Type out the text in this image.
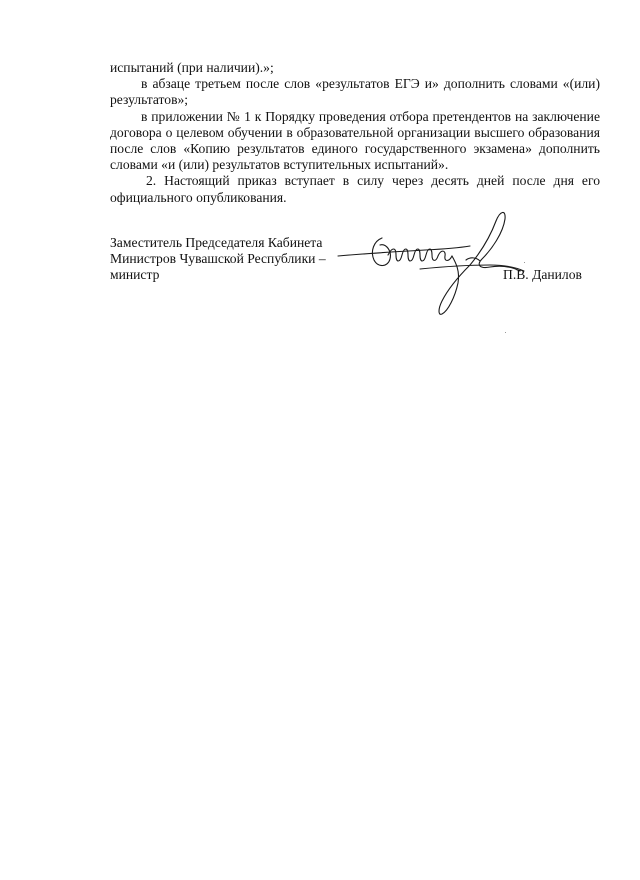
испытаний (при наличии).»;

в абзаце третьем после слов «результатов ЕГЭ и» дополнить словами «(или) результатов»;

в приложении № 1 к Порядку проведения отбора претендентов на заключение договора о целевом обучении в образовательной организации высшего образования после слов «Копию результатов единого государственного экзамена» дополнить словами «и (или) результатов вступительных испытаний».

2. Настоящий приказ вступает в силу через десять дней после дня его официального опубликования.

Заместитель Председателя Кабинета

Министров Чувашской Республики –

министр	П.В. Данилов
